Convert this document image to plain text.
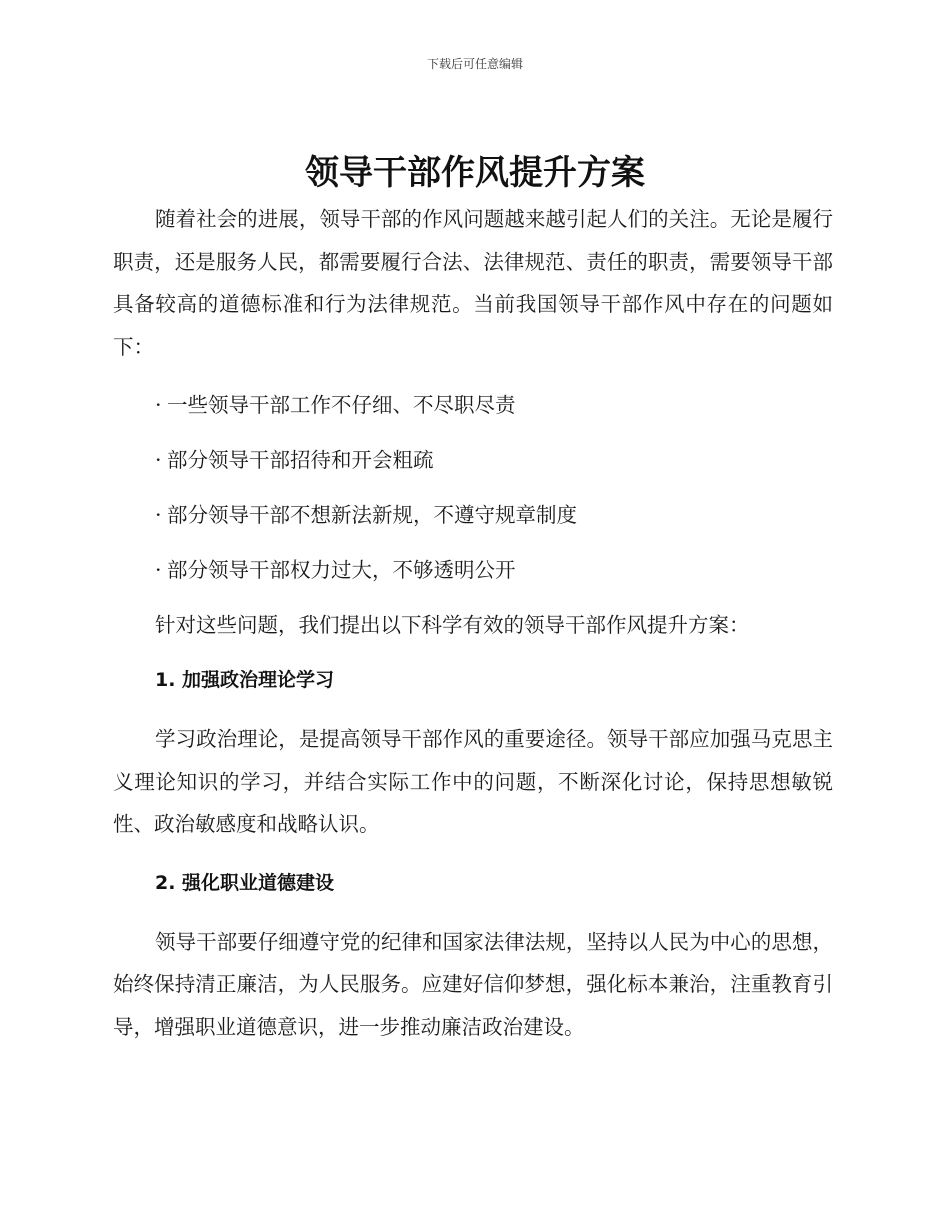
下载后可任意编辑
领导干部作风提升方案

随着社会的进展，领导干部的作风问题越来越引起人们的关注。无论是履行职责，还是服务人民，都需要履行合法、法律规范、责任的职责，需要领导干部具备较高的道德标准和行为法律规范。当前我国领导干部作风中存在的问题如下：

· 一些领导干部工作不仔细、不尽职尽责

· 部分领导干部招待和开会粗疏

· 部分领导干部不想新法新规，不遵守规章制度

· 部分领导干部权力过大，不够透明公开

针对这些问题，我们提出以下科学有效的领导干部作风提升方案：

1. 加强政治理论学习

学习政治理论，是提高领导干部作风的重要途径。领导干部应加强马克思主义理论知识的学习，并结合实际工作中的问题，不断深化讨论，保持思想敏锐性、政治敏感度和战略认识。

2. 强化职业道德建设

领导干部要仔细遵守党的纪律和国家法律法规，坚持以人民为中心的思想，始终保持清正廉洁，为人民服务。应建好信仰梦想，强化标本兼治，注重教育引导，增强职业道德意识，进一步推动廉洁政治建设。
